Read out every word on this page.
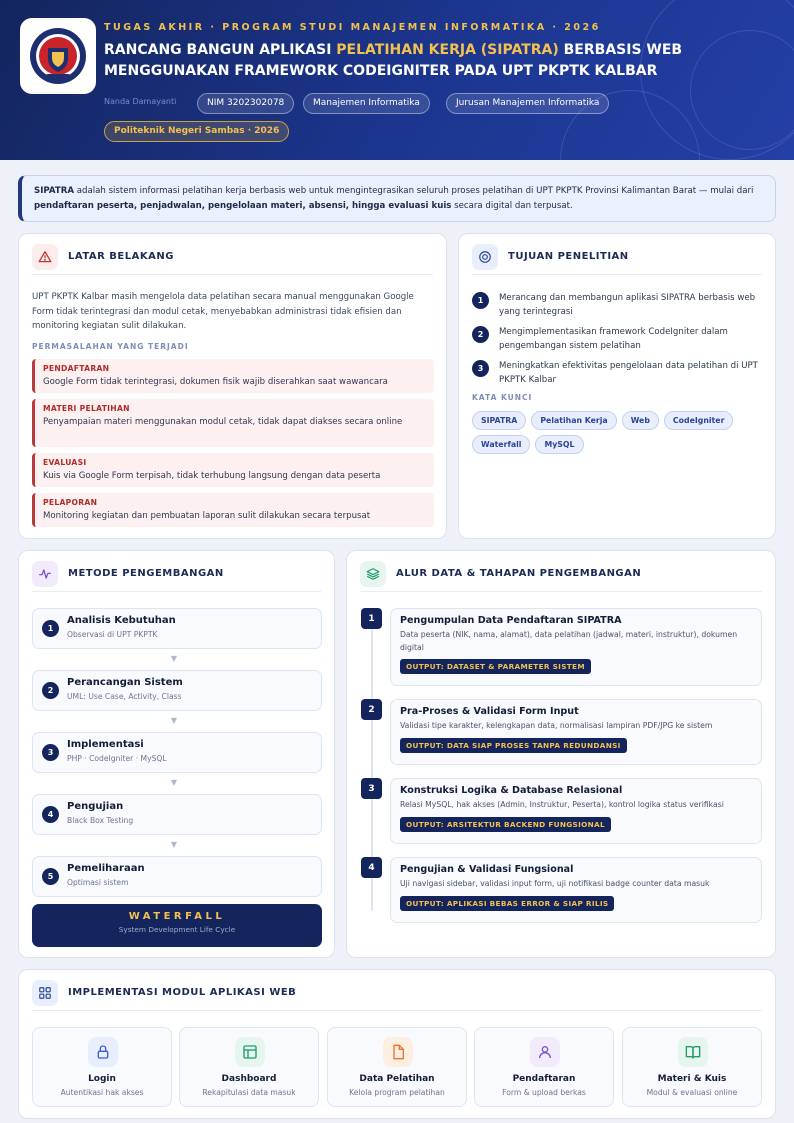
TUGAS AKHIR · PROGRAM STUDI MANAJEMEN INFORMATIKA · 2026
RANCANG BANGUN APLIKASI PELATIHAN KERJA (SIPATRA) BERBASIS WEB MENGGUNAKAN FRAMEWORK CODEIGNITER PADA UPT PKPTK KALBAR
Nanda Damayanti	NIM 3202302078	Manajemen Informatika	Jurusan Manajemen Informatika
Politeknik Negeri Sambas · 2026
SIPATRA adalah sistem informasi pelatihan kerja berbasis web untuk mengintegrasikan seluruh proses pelatihan di UPT PKPTK Provinsi Kalimantan Barat — mulai dari pendaftaran peserta, penjadwalan, pengelolaan materi, absensi, hingga evaluasi kuis secara digital dan terpusat.
LATAR BELAKANG
UPT PKPTK Kalbar masih mengelola data pelatihan secara manual menggunakan Google Form tidak terintegrasi dan modul cetak, menyebabkan administrasi tidak efisien dan monitoring kegiatan sulit dilakukan.
PERMASALAHAN YANG TERJADI
PENDAFTARAN
Google Form tidak terintegrasi, dokumen fisik wajib diserahkan saat wawancara
MATERI PELATIHAN
Penyampaian materi menggunakan modul cetak, tidak dapat diakses secara online
EVALUASI
Kuis via Google Form terpisah, tidak terhubung langsung dengan data peserta
PELAPORAN
Monitoring kegiatan dan pembuatan laporan sulit dilakukan secara terpusat
TUJUAN PENELITIAN
1	Merancang dan membangun aplikasi SIPATRA berbasis web yang terintegrasi
2	Mengimplementasikan framework CodeIgniter dalam pengembangan sistem pelatihan
3	Meningkatkan efektivitas pengelolaan data pelatihan di UPT PKPTK Kalbar
KATA KUNCI
SIPATRA	Pelatihan Kerja	Web	CodeIgniter
Waterfall	MySQL
METODE PENGEMBANGAN
1
Analisis Kebutuhan
Observasi di UPT PKPTK
▼
2
Perancangan Sistem
UML: Use Case, Activity, Class
▼
3
Implementasi
PHP · CodeIgniter · MySQL
▼
4
Pengujian
Black Box Testing
▼
5
Pemeliharaan
Optimasi sistem
WATERFALL
System Development Life Cycle
ALUR DATA & TAHAPAN PENGEMBANGAN
1	Pengumpulan Data Pendaftaran SIPATRA
Data peserta (NIK, nama, alamat), data pelatihan (jadwal, materi, instruktur), dokumen digital
OUTPUT: DATASET & PARAMETER SISTEM
2	Pra-Proses & Validasi Form Input
Validasi tipe karakter, kelengkapan data, normalisasi lampiran PDF/JPG ke sistem
OUTPUT: DATA SIAP PROSES TANPA REDUNDANSI
3	Konstruksi Logika & Database Relasional
Relasi MySQL, hak akses (Admin, Instruktur, Peserta), kontrol logika status verifikasi
OUTPUT: ARSITEKTUR BACKEND FUNGSIONAL
4	Pengujian & Validasi Fungsional
Uji navigasi sidebar, validasi input form, uji notifikasi badge counter data masuk
OUTPUT: APLIKASI BEBAS ERROR & SIAP RILIS
IMPLEMENTASI MODUL APLIKASI WEB
Login
Autentikasi hak akses
Dashboard
Rekapitulasi data masuk
Data Pelatihan
Kelola program pelatihan
Pendaftaran
Form & upload berkas
Materi & Kuis
Modul & evaluasi online
